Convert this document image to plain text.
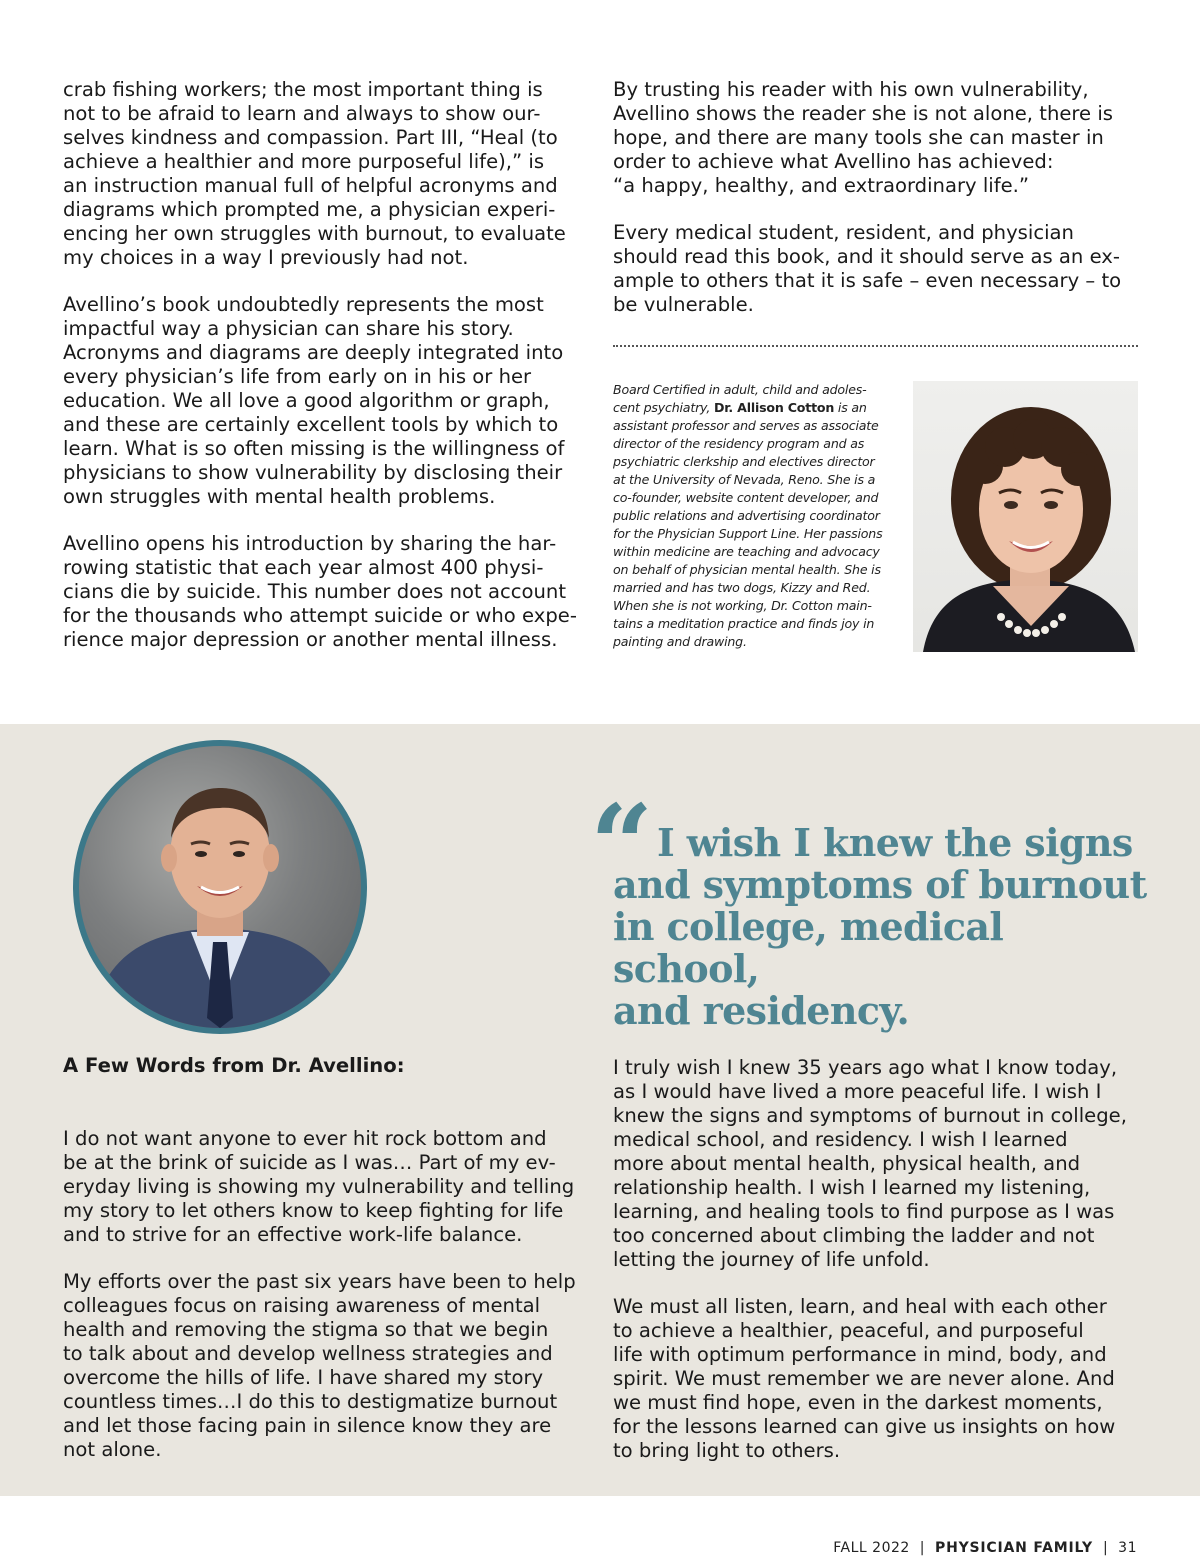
crab fishing workers; the most important thing is
not to be afraid to learn and always to show our-
selves kindness and compassion. Part III, “Heal (to
achieve a healthier and more purposeful life),” is
an instruction manual full of helpful acronyms and
diagrams which prompted me, a physician experi-
encing her own struggles with burnout, to evaluate
my choices in a way I previously had not.

Avellino’s book undoubtedly represents the most
impactful way a physician can share his story.
Acronyms and diagrams are deeply integrated into
every physician’s life from early on in his or her
education. We all love a good algorithm or graph,
and these are certainly excellent tools by which to
learn. What is so often missing is the willingness of
physicians to show vulnerability by disclosing their
own struggles with mental health problems.

Avellino opens his introduction by sharing the har-
rowing statistic that each year almost 400 physi-
cians die by suicide. This number does not account
for the thousands who attempt suicide or who expe-
rience major depression or another mental illness.

By trusting his reader with his own vulnerability,
Avellino shows the reader she is not alone, there is
hope, and there are many tools she can master in
order to achieve what Avellino has achieved:
“a happy, healthy, and extraordinary life.”

Every medical student, resident, and physician
should read this book, and it should serve as an ex-
ample to others that it is safe – even necessary – to
be vulnerable.

Board Certified in adult, child and adoles-
cent psychiatry, Dr. Allison Cotton is an
assistant professor and serves as associate
director of the residency program and as
psychiatric clerkship and electives director
at the University of Nevada, Reno. She is a
co-founder, website content developer, and
public relations and advertising coordinator
for the Physician Support Line. Her passions
within medicine are teaching and advocacy
on behalf of physician mental health. She is
married and has two dogs, Kizzy and Red.
When she is not working, Dr. Cotton main-
tains a meditation practice and finds joy in
painting and drawing.
“ I wish I knew the signs
and symptoms of burnout
in college, medical school,
and residency.
A Few Words from Dr. Avellino:

I do not want anyone to ever hit rock bottom and
be at the brink of suicide as I was… Part of my ev-
eryday living is showing my vulnerability and telling
my story to let others know to keep fighting for life
and to strive for an effective work-life balance.

My efforts over the past six years have been to help
colleagues focus on raising awareness of mental
health and removing the stigma so that we begin
to talk about and develop wellness strategies and
overcome the hills of life. I have shared my story
countless times…I do this to destigmatize burnout
and let those facing pain in silence know they are
not alone.

I truly wish I knew 35 years ago what I know today,
as I would have lived a more peaceful life. I wish I
knew the signs and symptoms of burnout in college,
medical school, and residency. I wish I learned
more about mental health, physical health, and
relationship health. I wish I learned my listening,
learning, and healing tools to find purpose as I was
too concerned about climbing the ladder and not
letting the journey of life unfold.

We must all listen, learn, and heal with each other
to achieve a healthier, peaceful, and purposeful
life with optimum performance in mind, body, and
spirit. We must remember we are never alone. And
we must find hope, even in the darkest moments,
for the lessons learned can give us insights on how
to bring light to others.

FALL 2022 | PHYSICIAN FAMILY | 31
